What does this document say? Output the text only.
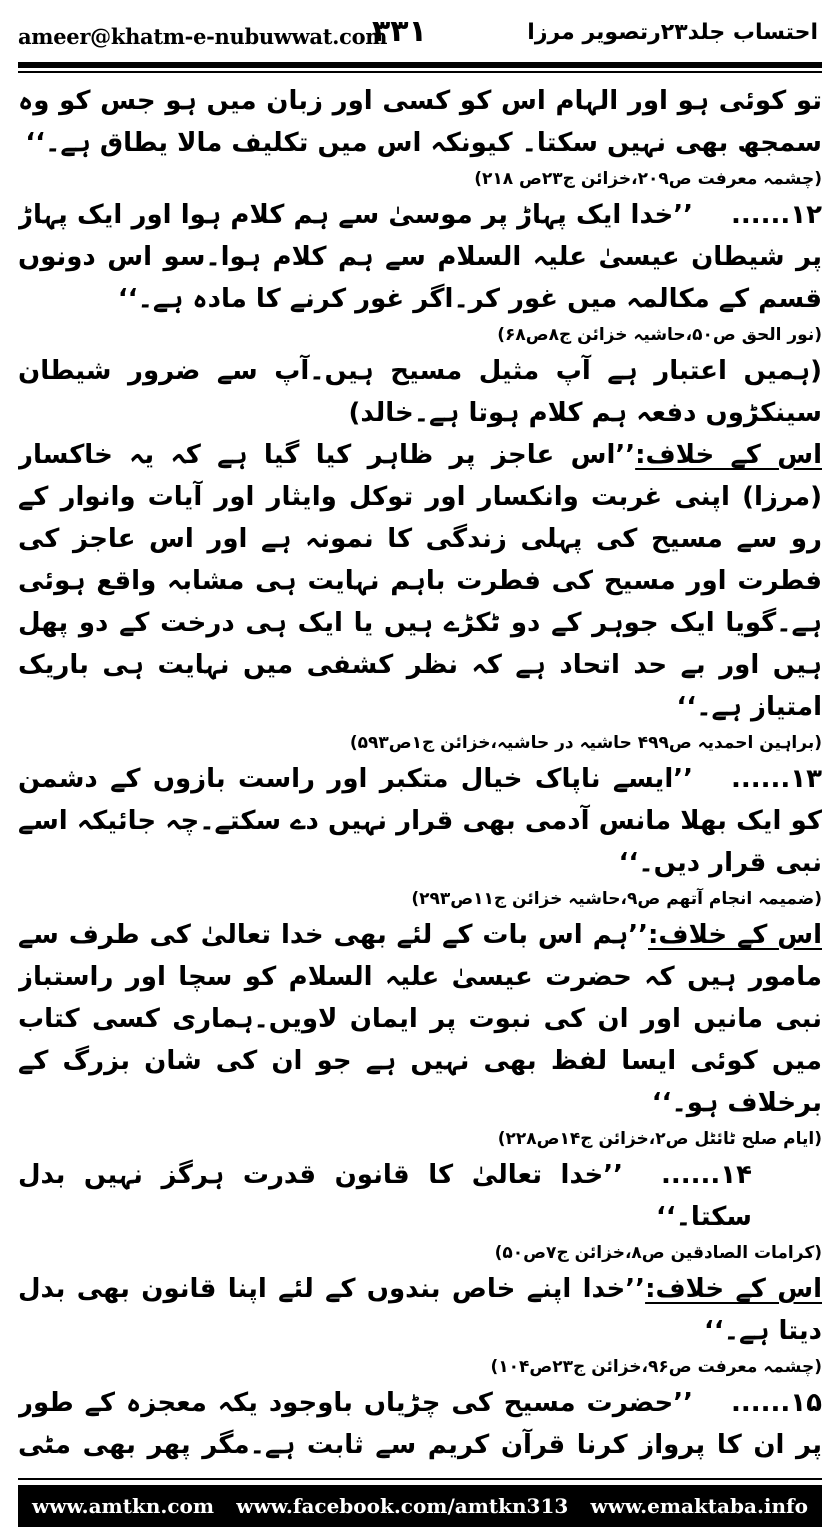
ameer@khatm-e-nubuwwat.com
۳۳۱	احتساب جلد۲۳رتصویر مرزا

تو کوئی ہو اور الہام اس کو کسی اور زبان میں ہو جس کو وہ سمجھ بھی نہیں سکتا۔ کیونکہ اس میں تکلیف مالا یطاق ہے۔‘‘

(چشمہ معرفت ص۲۰۹،خزائن ج۲۳ص ۲۱۸)

۱۲......’’خدا ایک پہاڑ پر موسیٰ سے ہم کلام ہوا اور ایک پہاڑ پر شیطان عیسیٰ علیہ السلام سے ہم کلام ہوا۔سو اس دونوں قسم کے مکالمہ میں غور کر۔اگر غور کرنے کا مادہ ہے۔‘‘

(نور الحق ص۵۰،حاشیہ خزائن ج۸ص۶۸)

(ہمیں اعتبار ہے آپ مثیل مسیح ہیں۔آپ سے ضرور شیطان سینکڑوں دفعہ ہم کلام ہوتا ہے۔خالد)

اس کے خلاف:’’اس عاجز پر ظاہر کیا گیا ہے کہ یہ خاکسار (مرزا) اپنی غربت وانکسار اور توکل وایثار اور آیات وانوار کے رو سے مسیح کی پہلی زندگی کا نمونہ ہے اور اس عاجز کی فطرت اور مسیح کی فطرت باہم نہایت ہی مشابہ واقع ہوئی ہے۔گویا ایک جوہر کے دو ٹکڑے ہیں یا ایک ہی درخت کے دو پھل ہیں اور بے حد اتحاد ہے کہ نظر کشفی میں نہایت ہی باریک امتیاز ہے۔‘‘

(براہین احمدیہ ص۴۹۹ حاشیہ در حاشیہ،خزائن ج۱ص۵۹۳)

۱۳......’’ایسے ناپاک خیال متکبر اور راست بازوں کے دشمن کو ایک بھلا مانس آدمی بھی قرار نہیں دے سکتے۔چہ جائیکہ اسے نبی قرار دیں۔‘‘

(ضمیمہ انجام آتھم ص۹،حاشیہ خزائن ج۱۱ص۲۹۳)

اس کے خلاف:’’ہم اس بات کے لئے بھی خدا تعالیٰ کی طرف سے مامور ہیں کہ حضرت عیسیٰ علیہ السلام کو سچا اور راستباز نبی مانیں اور ان کی نبوت پر ایمان لاویں۔ہماری کسی کتاب میں کوئی ایسا لفظ بھی نہیں ہے جو ان کی شان بزرگ کے برخلاف ہو۔‘‘

(ایام صلح ٹائٹل ص۲،خزائن ج۱۴ص۲۲۸)

۱۴......’’خدا تعالیٰ کا قانون قدرت ہرگز نہیں بدل سکتا۔‘‘

(کرامات الصادقین ص۸،خزائن ج۷ص۵۰)

اس کے خلاف:’’خدا اپنے خاص بندوں کے لئے اپنا قانون بھی بدل دیتا ہے۔‘‘

(چشمہ معرفت ص۹۶،خزائن ج۲۳ص۱۰۴)

۱۵......’’حضرت مسیح کی چڑیاں باوجود یکہ معجزہ کے طور پر ان کا پرواز کرنا قرآن کریم سے ثابت ہے۔مگر پھر بھی مٹی

www.amtkn.com www.facebook.com/amtkn313 www.emaktaba.info
